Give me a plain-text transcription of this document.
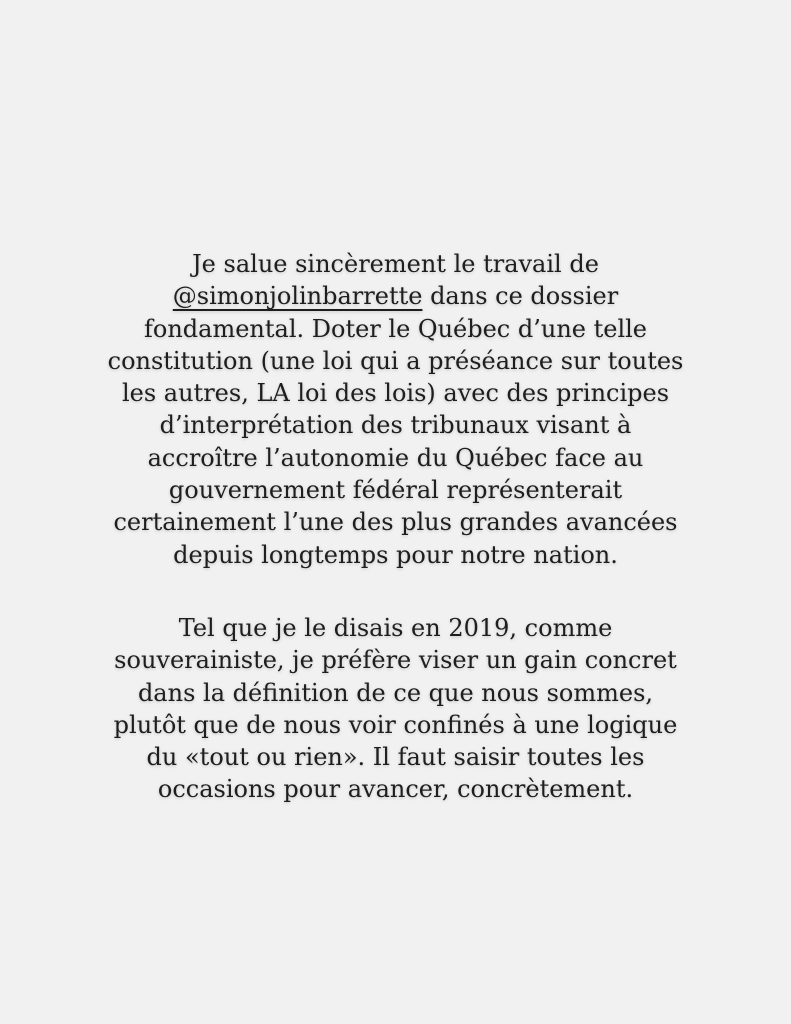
Je salue sincèrement le travail de
@simonjolinbarrette dans ce dossier
fondamental. Doter le Québec d’une telle
constitution (une loi qui a préséance sur toutes
les autres, LA loi des lois) avec des principes
d’interprétation des tribunaux visant à
accroître l’autonomie du Québec face au
gouvernement fédéral représenterait
certainement l’une des plus grandes avancées
depuis longtemps pour notre nation.

Tel que je le disais en 2019, comme
souverainiste, je préfère viser un gain concret
dans la définition de ce que nous sommes,
plutôt que de nous voir confinés à une logique
du «tout ou rien». Il faut saisir toutes les
occasions pour avancer, concrètement.
